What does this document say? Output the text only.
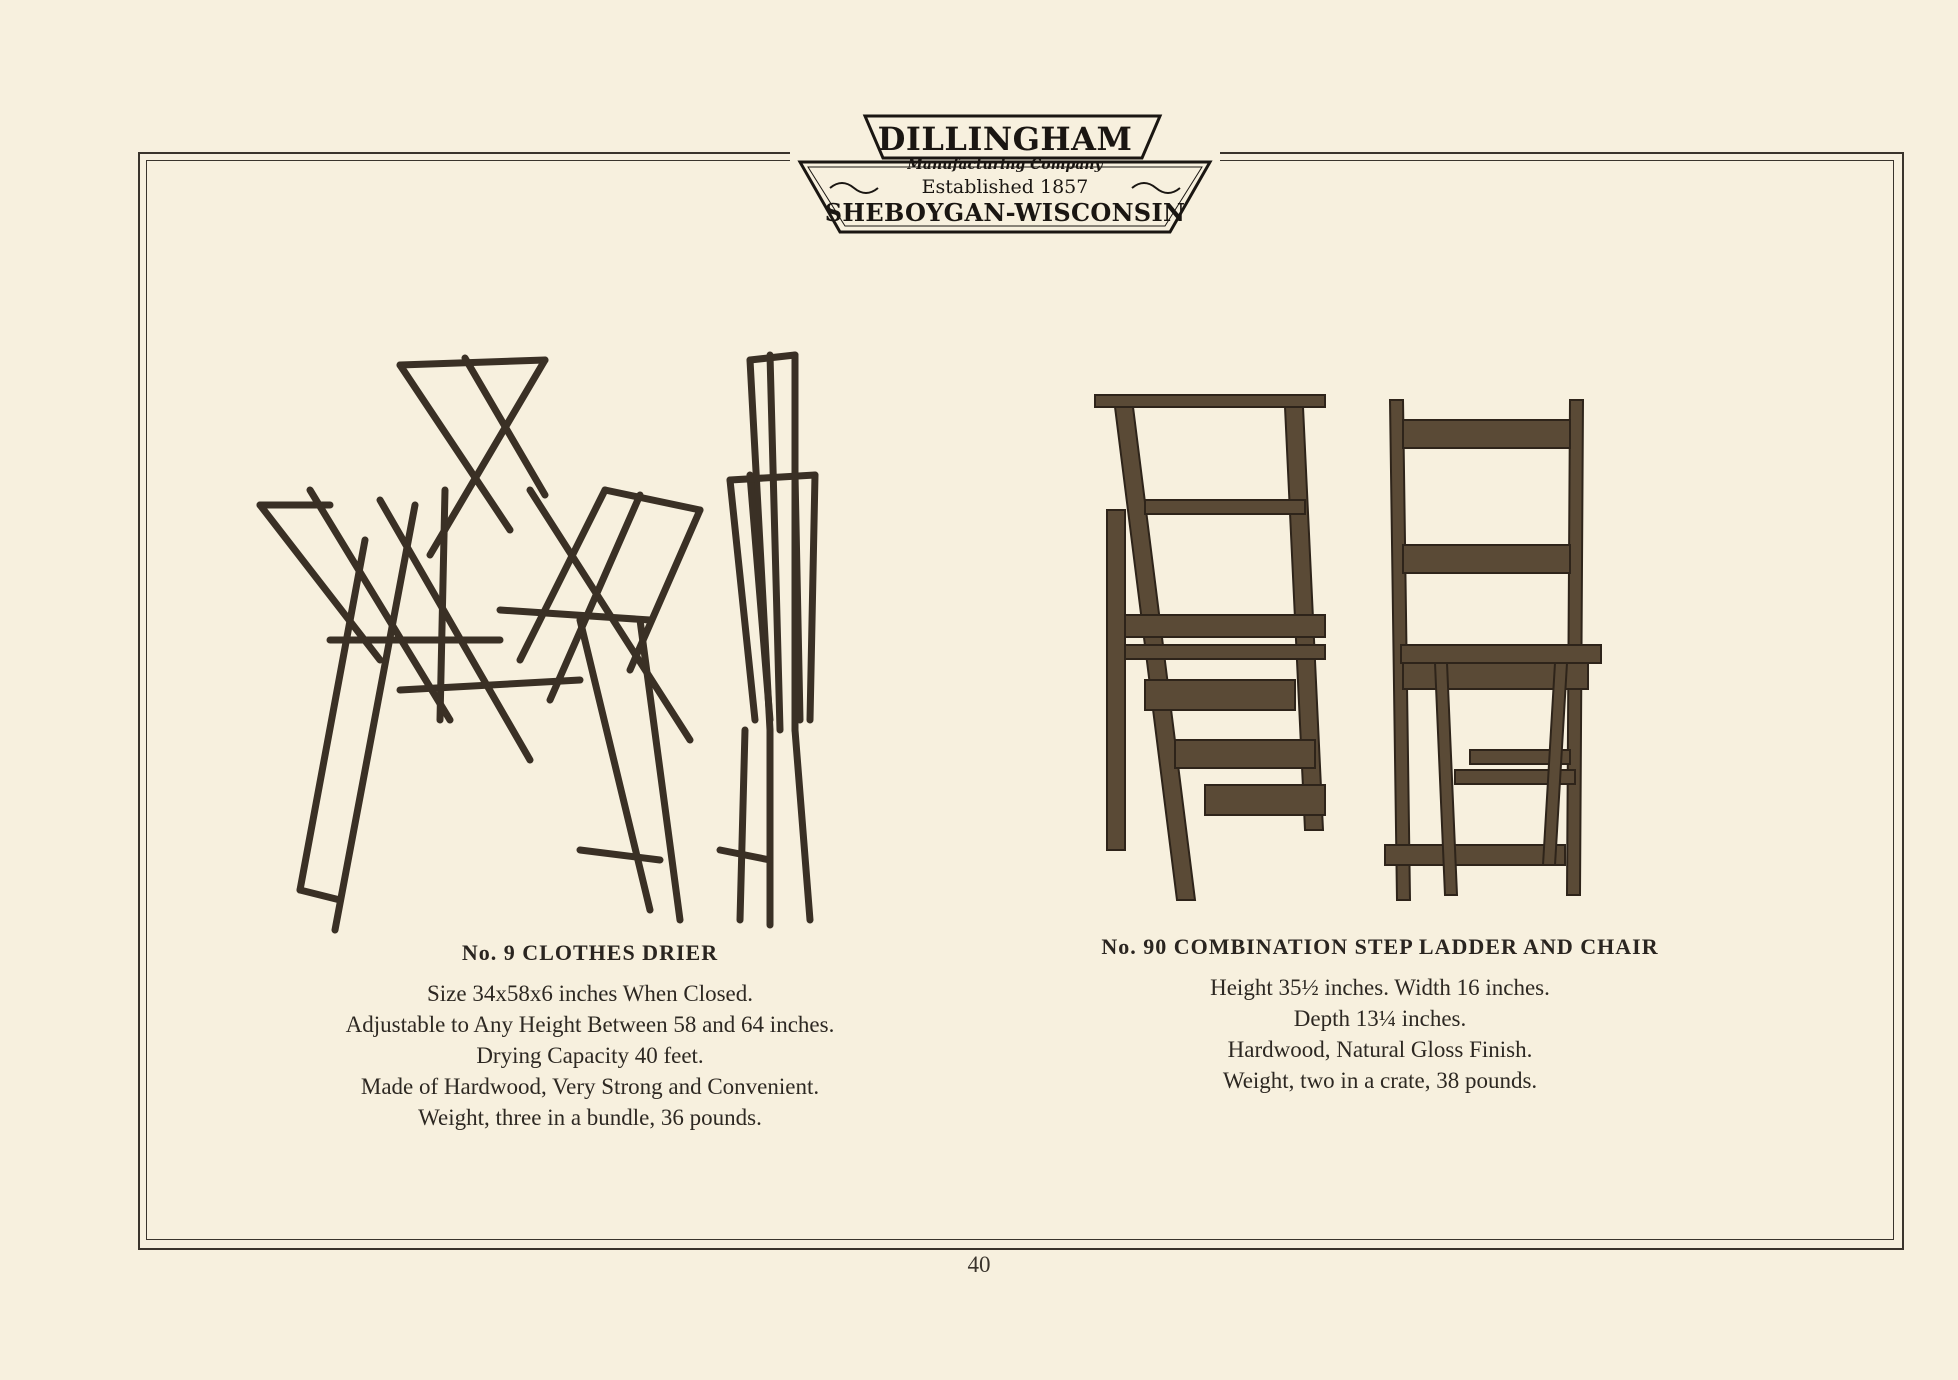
DILLINGHAM
Manufacturing Company
Established 1857
SHEBOYGAN-WISCONSIN
No. 9 CLOTHES DRIER
Size 34x58x6 inches When Closed.
Adjustable to Any Height Between 58 and 64 inches.
Drying Capacity 40 feet.
Made of Hardwood, Very Strong and Convenient.
Weight, three in a bundle, 36 pounds.
No. 90 COMBINATION STEP LADDER AND CHAIR
Height 35½ inches. Width 16 inches.
Depth 13¼ inches.
Hardwood, Natural Gloss Finish.
Weight, two in a crate, 38 pounds.
40
